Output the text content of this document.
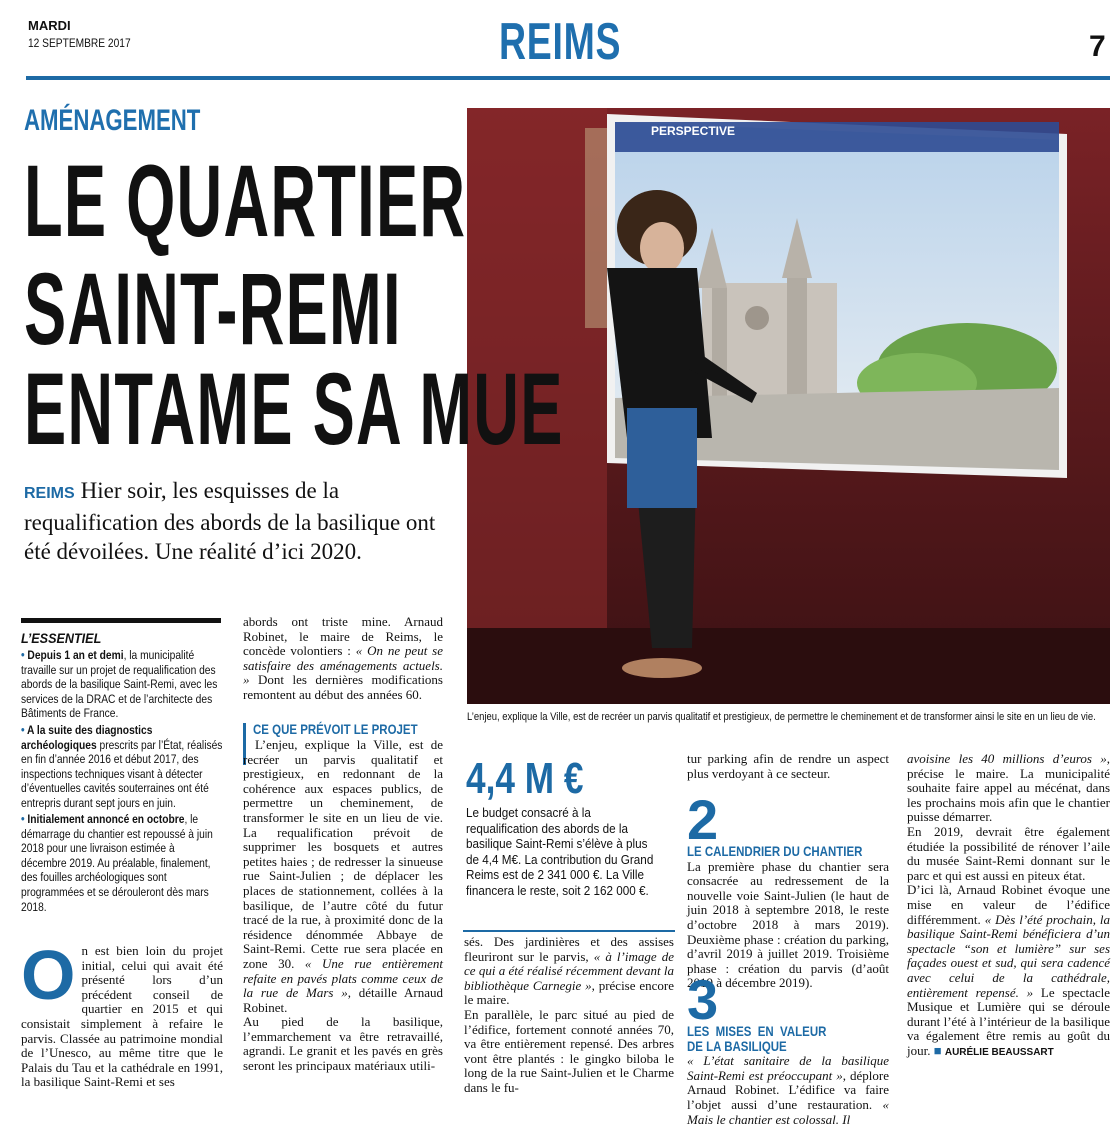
MARDI
12 SEPTEMBRE 2017	REIMS	7
AMÉNAGEMENT
LE QUARTIER
SAINT-REMI
PERSPECTIVE
L’enjeu, explique la Ville, est de recréer un parvis qualitatif et prestigieux, de permettre le cheminement et de transformer ainsi le site en un lieu de vie.
ENTAME SA MUE
REIMS Hier soir, les esquisses de la requalification des abords de la basilique ont été dévoilées. Une réalité d’ici 2020.
L’ESSENTIEL
• Depuis 1 an et demi, la municipalité travaille sur un projet de requalification des abords de la basilique Saint-Remi, avec les services de la DRAC et de l’architecte des Bâtiments de France.
• A la suite des diagnostics archéologiques prescrits par l’État, réalisés en fin d’année 2016 et début 2017, des inspections techniques visant à détecter d’éventuelles cavités souterraines ont été entrepris durant sept jours en juin.
• Initialement annoncé en octobre, le démarrage du chantier est repoussé à juin 2018 pour une livraison estimée à décembre 2019. Au préalable, finalement, des fouilles archéologiques sont programmées et se dérouleront dès mars 2018.
On est bien loin du projet initial, celui qui avait été présenté lors d’un précédent conseil de quartier en 2015 et qui consistait simplement à refaire le parvis. Classée au patrimoine mondial de l’Unesco, au même titre que le Palais du Tau et la cathédrale en 1991, la basilique Saint-Remi et ses
abords ont triste mine. Arnaud Robinet, le maire de Reims, le concède volontiers : « On ne peut se satisfaire des aménagements actuels. » Dont les dernières modifications remontent au début des années 60.
CE QUE PRÉVOIT LE PROJET
L’enjeu, explique la Ville, est de recréer un parvis qualitatif et prestigieux, en redonnant de la cohérence aux espaces publics, de permettre un cheminement, de transformer le site en un lieu de vie. La requalification prévoit de supprimer les bosquets et autres petites haies ; de redresser la sinueuse rue Saint-Julien ; de déplacer les places de stationnement, collées à la basilique, de l’autre côté du futur tracé de la rue, à proximité donc de la résidence dénommée Abbaye de Saint-Remi. Cette rue sera placée en zone 30. « Une rue entièrement refaite en pavés plats comme ceux de la rue de Mars », détaille Arnaud Robinet.
Au pied de la basilique, l’emmarchement va être retravaillé, agrandi. Le granit et les pavés en grès seront les principaux matériaux utili-
4,4 M €
Le budget consacré à la requalification des abords de la basilique Saint-Remi s’élève à plus de 4,4 M€. La contribution du Grand Reims est de 2 341 000 €. La Ville financera le reste, soit 2 162 000 €.
sés. Des jardinières et des assises fleuriront sur le parvis, « à l’image de ce qui a été réalisé récemment devant la bibliothèque Carnegie », précise encore le maire.
En parallèle, le parc situé au pied de l’édifice, fortement connoté années 70, va être entièrement repensé. Des arbres vont être plantés : le gingko biloba le long de la rue Saint-Julien et le Charme dans le fu-
tur parking afin de rendre un aspect plus verdoyant à ce secteur.
2
LE CALENDRIER DU CHANTIER
La première phase du chantier sera consacrée au redressement de la nouvelle voie Saint-Julien (le haut de juin 2018 à septembre 2018, le reste d’octobre 2018 à mars 2019). Deuxième phase : création du parking, d’avril 2019 à juillet 2019. Troisième phase : création du parvis (d’août 2019 à décembre 2019).
3
LES MISES EN VALEUR DE LA BASILIQUE
« L’état sanitaire de la basilique Saint-Remi est préoccupant », déplore Arnaud Robinet. L’édifice va faire l’objet aussi d’une restauration. « Mais le chantier est colossal. Il
avoisine les 40 millions d’euros », précise le maire. La municipalité souhaite faire appel au mécénat, dans les prochains mois afin que le chantier puisse démarrer.
En 2019, devrait être également étudiée la possibilité de rénover l’aile du musée Saint-Remi donnant sur le parc et qui est aussi en piteux état.
D’ici là, Arnaud Robinet évoque une mise en valeur de l’édifice différemment. « Dès l’été prochain, la basilique Saint-Remi bénéficiera d’un spectacle “son et lumière” sur ses façades ouest et sud, qui sera cadencé avec celui de la cathédrale, entièrement repensé. » Le spectacle Musique et Lumière qui se déroule durant l’été à l’intérieur de la basilique va également être remis au goût du jour. ■ AURÉLIE BEAUSSART
